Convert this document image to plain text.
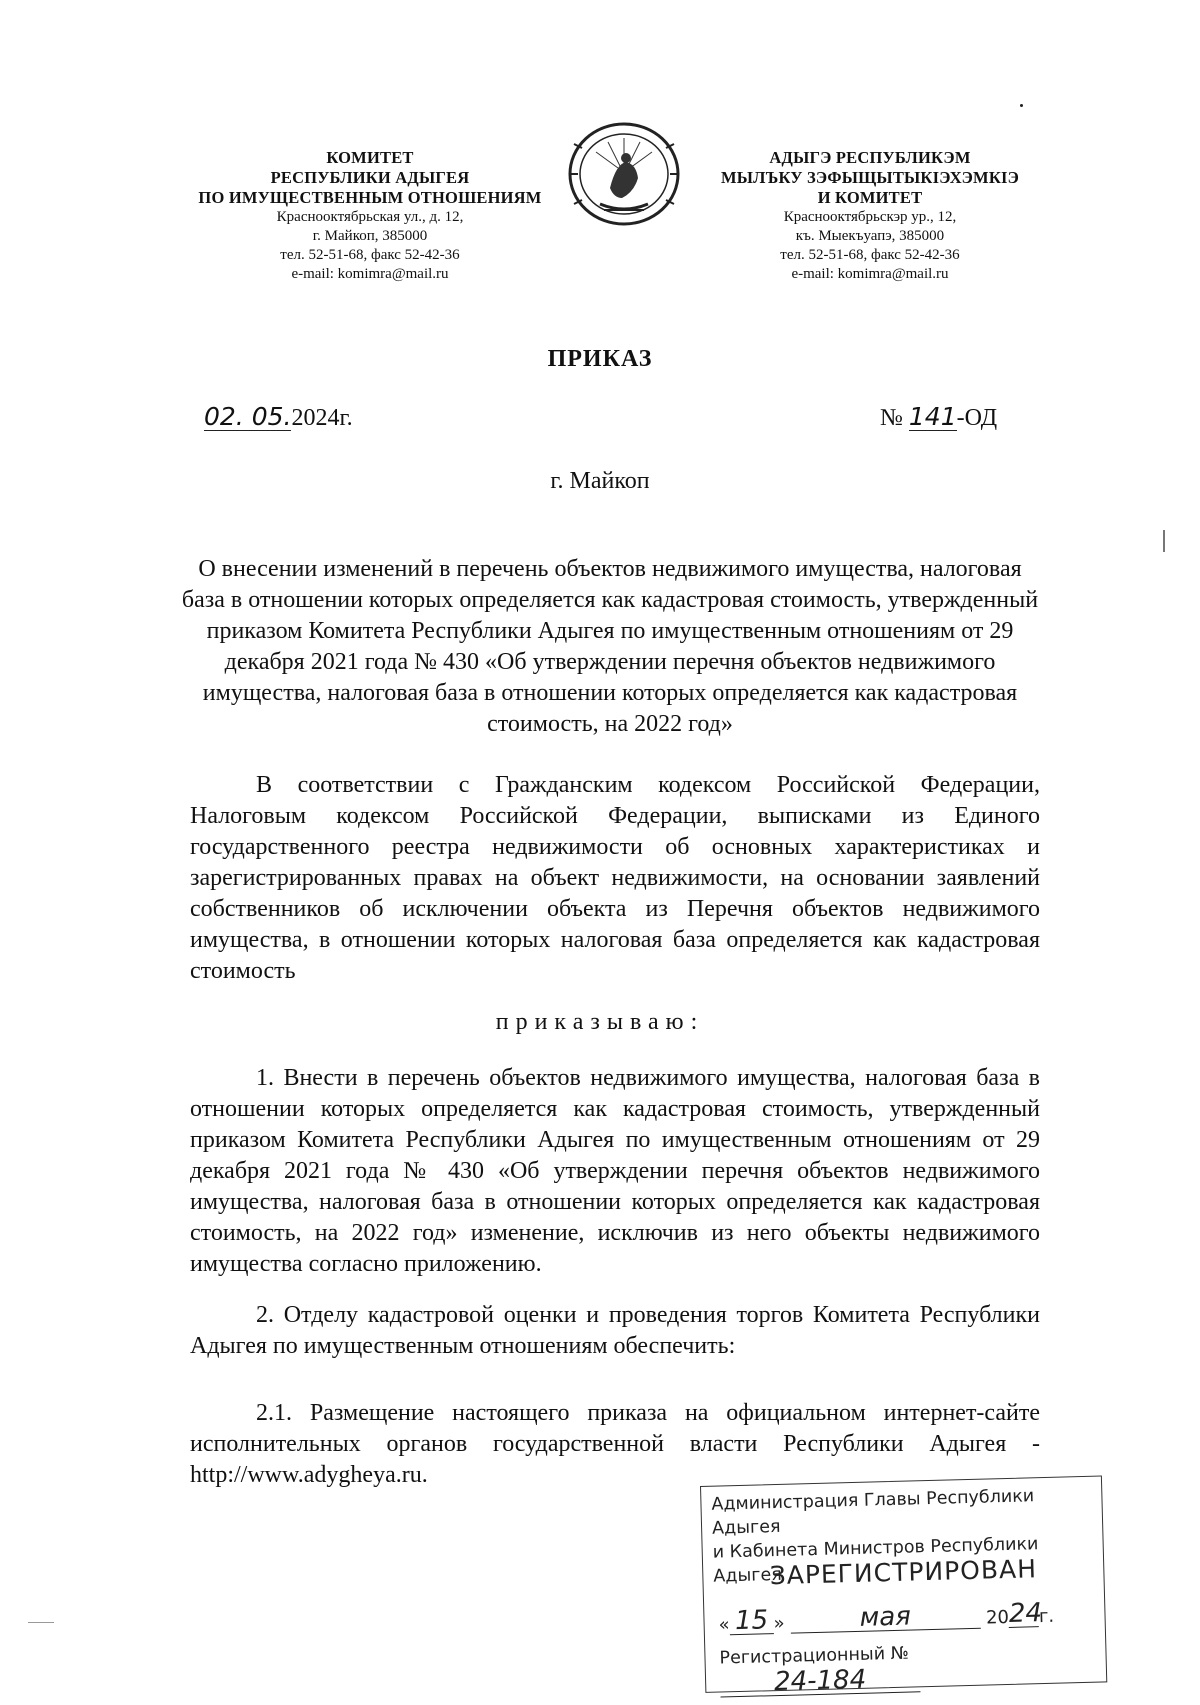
КОМИТЕТ
РЕСПУБЛИКИ АДЫГЕЯ
ПО ИМУЩЕСТВЕННЫМ ОТНОШЕНИЯМ
Краснооктябрьская ул., д. 12,
г. Майкоп, 385000
тел. 52-51-68, факс 52-42-36
e-mail: komimra@mail.ru
АДЫГЭ РЕСПУБЛИКЭМ
МЫЛЪКУ ЗЭФЫЩЫТЫКІЭХЭМКІЭ
И КОМИТЕТ
Краснооктябрьскэр ур., 12,
къ. Мыекъуапэ, 385000
тел. 52-51-68, факс 52-42-36
e-mail: komimra@mail.ru
ПРИКАЗ
02. 05.2024г.	№ 141-ОД
г. Майкоп
О внесении изменений в перечень объектов недвижимого имущества, налоговая база в отношении которых определяется как кадастровая стоимость, утвержденный приказом Комитета Республики Адыгея по имущественным отношениям от 29 декабря 2021 года № 430 «Об утверждении перечня объектов недвижимого имущества, налоговая база в отношении которых определяется как кадастровая стоимость, на 2022 год»

В соответствии с Гражданским кодексом Российской Федерации, Налоговым кодексом Российской Федерации, выписками из Единого государственного реестра недвижимости об основных характеристиках и зарегистрированных правах на объект недвижимости, на основании заявлений собственников об исключении объекта из Перечня объектов недвижимого имущества, в отношении которых налоговая база определяется как кадастровая стоимость

приказываю:

1. Внести в перечень объектов недвижимого имущества, налоговая база в отношении которых определяется как кадастровая стоимость, утвержденный приказом Комитета Республики Адыгея по имущественным отношениям от 29 декабря 2021 года № 430 «Об утверждении перечня объектов недвижимого имущества, налоговая база в отношении которых определяется как кадастровая стоимость, на 2022 год» изменение, исключив из него объекты недвижимого имущества согласно приложению.

2. Отделу кадастровой оценки и проведения торгов Комитета Республики Адыгея по имущественным отношениям обеспечить:

2.1. Размещение настоящего приказа на официальном интернет-сайте исполнительных органов государственной власти Республики Адыгея - http://www.adygheya.ru.

Администрация Главы Республики Адыгея
и Кабинета Министров Республики Адыгея
ЗАРЕГИСТРИРОВАН
« 15 »	мая	2024г.
Регистрационный № 24-184
